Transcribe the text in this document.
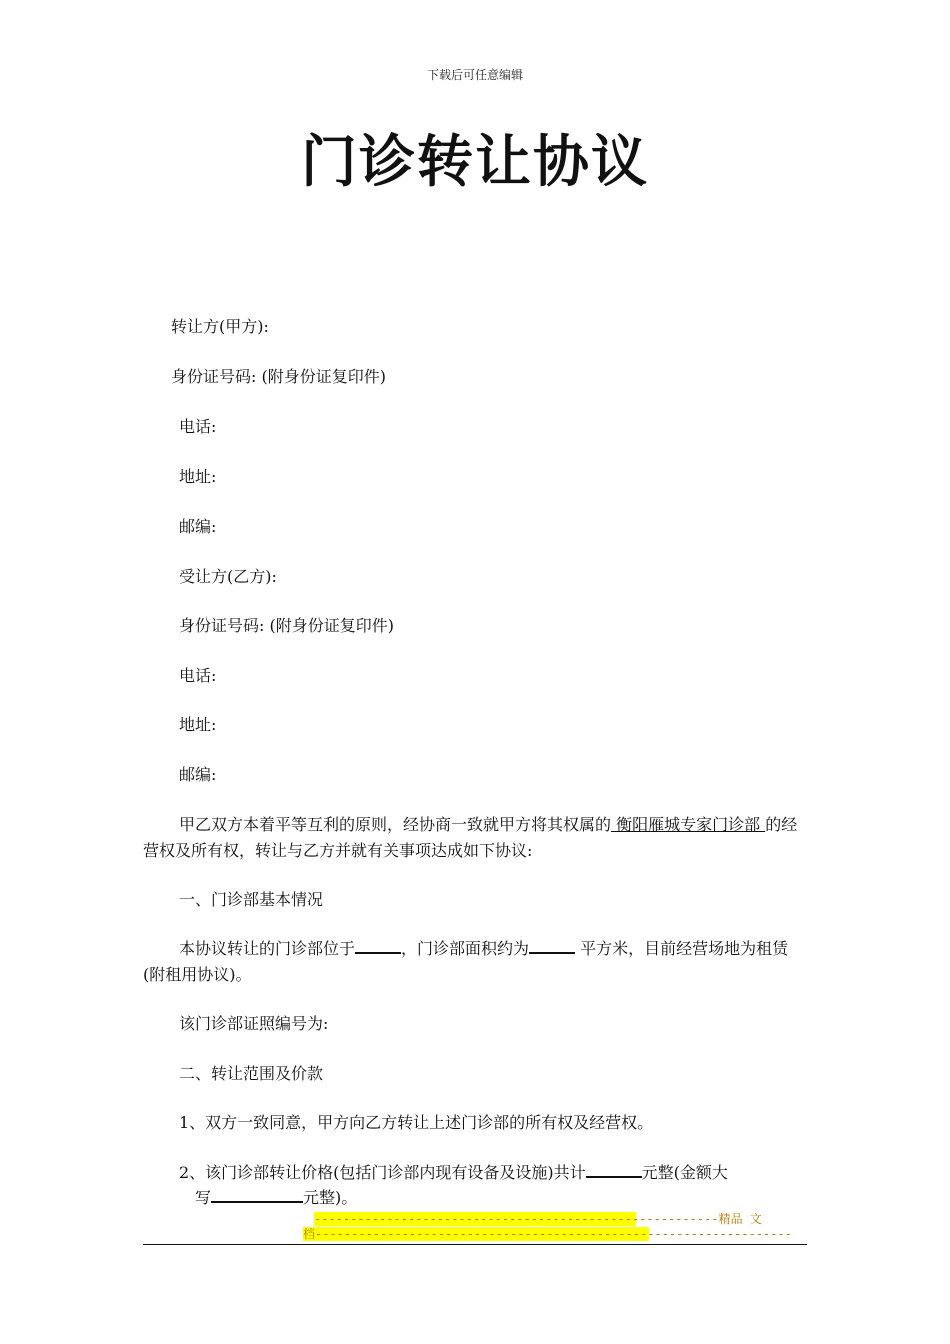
下载后可任意编辑
门诊转让协议
转让方(甲方):
身份证号码: (附身份证复印件)
电话:
地址:
邮编:
受让方(乙方):
身份证号码: (附身份证复印件)
电话:
地址:
邮编:
甲乙双方本着平等互利的原则，经协商一致就甲方将其权属的 衡阳雁城专家门诊部 的经营权及所有权，转让与乙方并就有关事项达成如下协议:
一、门诊部基本情况
本协议转让的门诊部位于	，门诊部面积约为	平方米，目前经营场地为租赁(附租用协议)。
该门诊部证照编号为:
二、转让范围及价款
1、双方一致同意，甲方向乙方转让上述门诊部的所有权及经营权。
2、该门诊部转让价格(包括门诊部内现有设备及设施)共计	元整(金额大
写	元整)。
--------------------------------------------------------精品 文
档------------------------------------------------------------------
